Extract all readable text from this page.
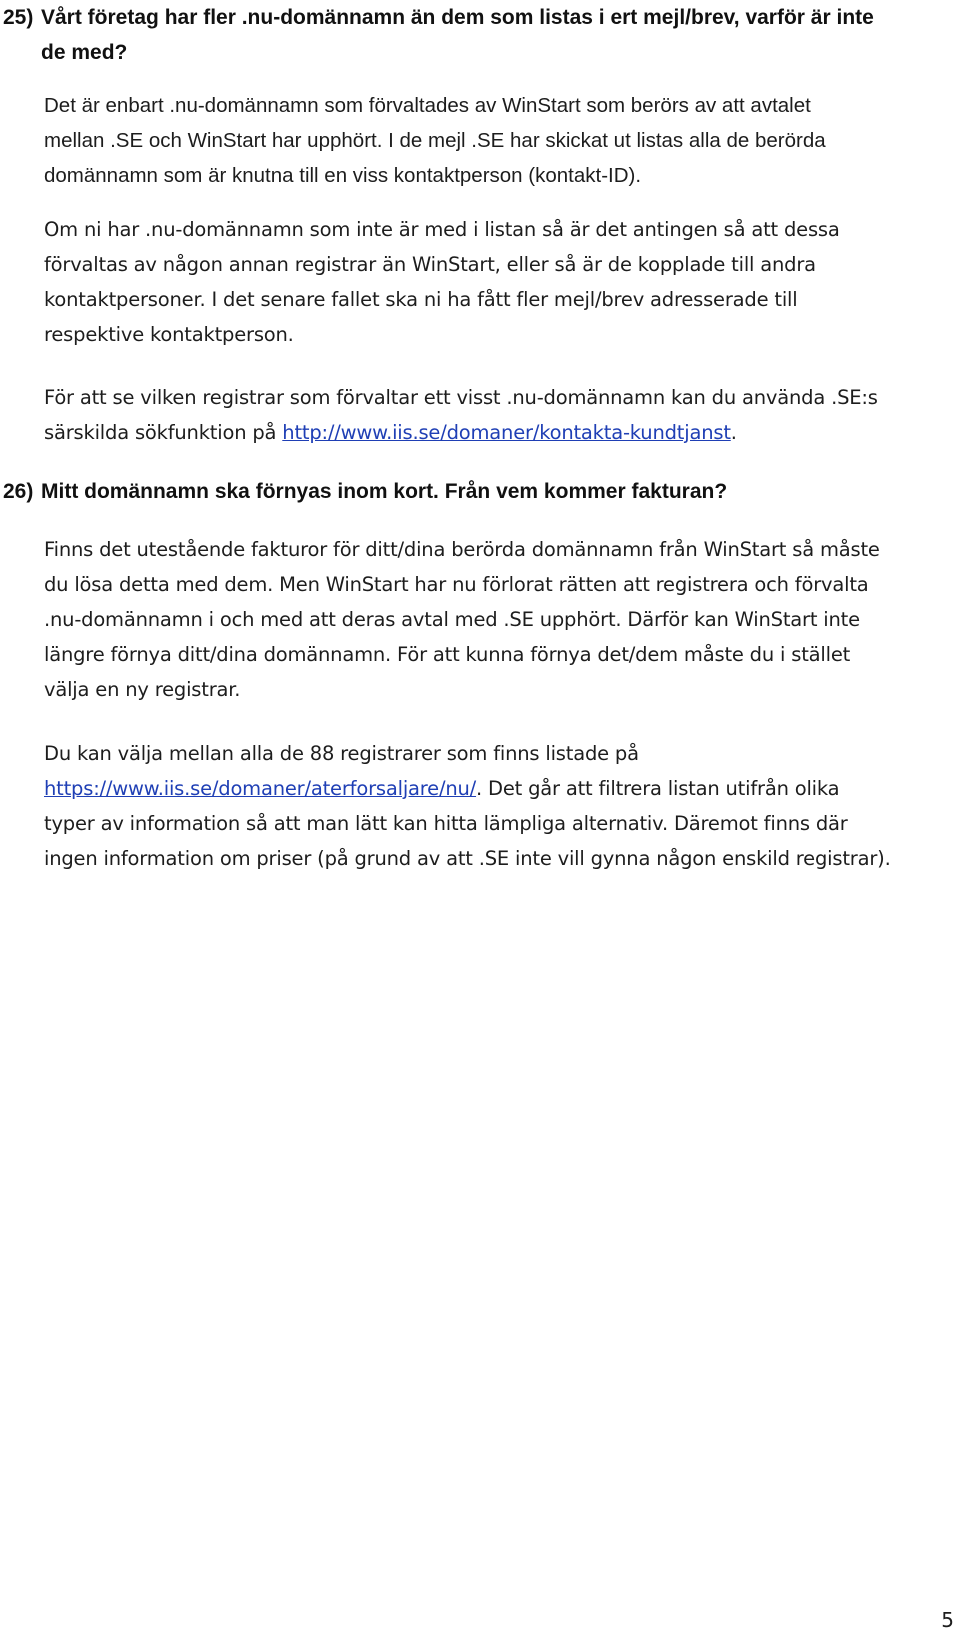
25) Vårt företag har fler .nu-domännamn än dem som listas i ert mejl/brev, varför är inte
de med?
Det är enbart .nu-domännamn som förvaltades av WinStart som berörs av att avtalet
mellan .SE och WinStart har upphört. I de mejl .SE har skickat ut listas alla de berörda
domännamn som är knutna till en viss kontaktperson (kontakt-ID).
Om ni har .nu-domännamn som inte är med i listan så är det antingen så att dessa
förvaltas av någon annan registrar än WinStart, eller så är de kopplade till andra
kontaktpersoner. I det senare fallet ska ni ha fått fler mejl/brev adresserade till
respektive kontaktperson.
För att se vilken registrar som förvaltar ett visst .nu-domännamn kan du använda .SE:s
särskilda sökfunktion på http://www.iis.se/domaner/kontakta-kundtjanst.
26) Mitt domännamn ska förnyas inom kort. Från vem kommer fakturan?
Finns det utestående fakturor för ditt/dina berörda domännamn från WinStart så måste
du lösa detta med dem. Men WinStart har nu förlorat rätten att registrera och förvalta
.nu-domännamn i och med att deras avtal med .SE upphört. Därför kan WinStart inte
längre förnya ditt/dina domännamn. För att kunna förnya det/dem måste du i stället
välja en ny registrar.
Du kan välja mellan alla de 88 registrarer som finns listade på
https://www.iis.se/domaner/aterforsaljare/nu/. Det går att filtrera listan utifrån olika
typer av information så att man lätt kan hitta lämpliga alternativ. Däremot finns där
ingen information om priser (på grund av att .SE inte vill gynna någon enskild registrar).
5
